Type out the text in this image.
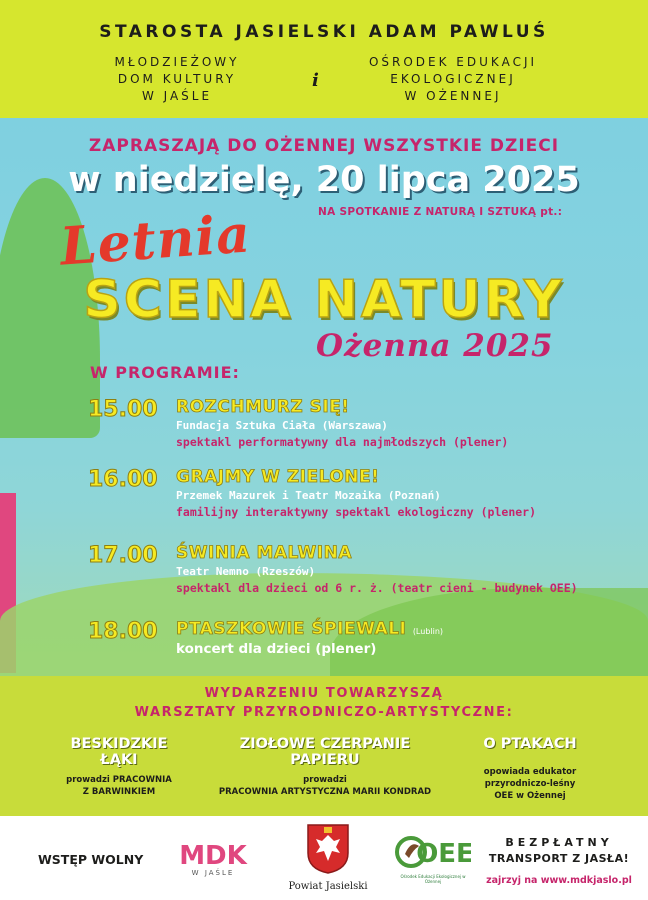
STAROSTA JASIELSKI ADAM PAWLUŚ
MŁODZIEŻOWY
DOM KULTURY
W JAŚLE
i
OŚRODEK EDUKACJI
EKOLOGICZNEJ
W OŻENNEJ
ZAPRASZAJĄ DO OŻENNEJ WSZYSTKIE DZIECI
w niedzielę, 20 lipca 2025
Letnia	NA SPOTKANIE Z NATURĄ I SZTUKĄ pt.:
SCENA NATURY
Ożenna 2025
W PROGRAMIE:
15.00 ROZCHMURZ SIĘ!
Fundacja Sztuka Ciała (Warszawa)
spektakl performatywny dla najmłodszych (plener)
16.00 GRAJMY W ZIELONE!
Przemek Mazurek i Teatr Mozaika (Poznań)
familijny interaktywny spektakl ekologiczny (plener)
17.00 ŚWINIA MALWINA
Teatr Nemno (Rzeszów)
spektakl dla dzieci od 6 r. ż. (teatr cieni - budynek OEE)
18.00 PTASZKOWIE ŚPIEWALI (Lublin)
koncert dla dzieci (plener)
WYDARZENIU TOWARZYSZĄ
WARSZTATY PRZYRODNICZO-ARTYSTYCZNE:
BESKIDZKIE
ŁĄKI
prowadzi PRACOWNIA
Z BARWINKIEM
ZIOŁOWE CZERPANIE
PAPIERU
prowadzi
PRACOWNIA ARTYSTYCZNA MARII KONDRAD
O PTAKACH
opowiada edukator
przyrodniczo-leśny
OEE w Ożennej
WSTĘP WOLNY MDK
W JAŚLE
Powiat Jasielski
OEE
Ośrodek Edukacji Ekologicznej w Ożennej
BEZPŁATNY
TRANSPORT Z JASŁA!
zajrzyj na www.mdkjaslo.pl
